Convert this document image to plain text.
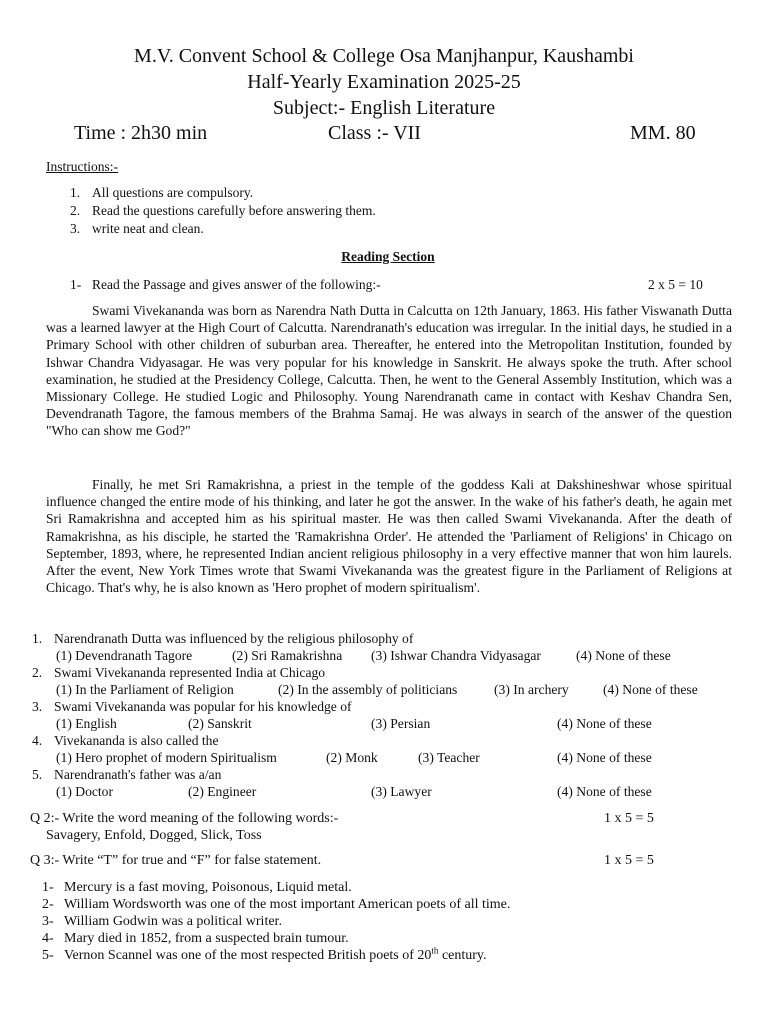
M.V. Convent School & College Osa Manjhanpur, Kaushambi
Half-Yearly Examination 2025-25
Subject:- English Literature
Time : 2h30 min	Class :- VII	MM. 80
Instructions:-
1. All questions are compulsory.
2. Read the questions carefully before answering them.
3. write neat and clean.
Reading Section
1- Read the Passage and gives answer of the following:-	2 x 5 = 10

Swami Vivekananda was born as Narendra Nath Dutta in Calcutta on 12th January, 1863. His father Viswanath Dutta was a learned lawyer at the High Court of Calcutta. Narendranath's education was irregular. In the initial days, he studied in a Primary School with other children of suburban area. Thereafter, he entered into the Metropolitan Institution, founded by Ishwar Chandra Vidyasagar. He was very popular for his knowledge in Sanskrit. He always spoke the truth. After school examination, he studied at the Presidency College, Calcutta. Then, he went to the General Assembly Institution, which was a Missionary College. He studied Logic and Philosophy. Young Narendranath came in contact with Keshav Chandra Sen, Devendranath Tagore, the famous members of the Brahma Samaj. He was always in search of the answer of the question "Who can show me God?"

Finally, he met Sri Ramakrishna, a priest in the temple of the goddess Kali at Dakshineshwar whose spiritual influence changed the entire mode of his thinking, and later he got the answer. In the wake of his father's death, he again met Sri Ramakrishna and accepted him as his spiritual master. He was then called Swami Vivekananda. After the death of Ramakrishna, as his disciple, he started the 'Ramakrishna Order'. He attended the 'Parliament of Religions' in Chicago on September, 1893, where, he represented Indian ancient religious philosophy in a very effective manner that won him laurels. After the event, New York Times wrote that Swami Vivekananda was the greatest figure in the Parliament of Religions at Chicago. That's why, he is also known as 'Hero prophet of modern spiritualism'.

1. Narendranath Dutta was influenced by the religious philosophy of
(1) Devendranath Tagore	(2) Sri Ramakrishna (3) Ishwar Chandra Vidyasagar	(4) None of these
2. Swami Vivekananda represented India at Chicago
(1) In the Parliament of Religion	(2) In the assembly of politicians	(3) In archery	(4) None of these
3. Swami Vivekananda was popular for his knowledge of
(1) English	(2) Sanskrit	(3) Persian	(4) None of these
4. Vivekananda is also called the
(1) Hero prophet of modern Spiritualism	(2) Monk	(3) Teacher	(4) None of these
5. Narendranath's father was a/an
(1) Doctor	(2) Engineer	(3) Lawyer	(4) None of these
Q 2:- Write the word meaning of the following words:-	1 x 5 = 5
Savagery, Enfold, Dogged, Slick, Toss
Q 3:- Write “T” for true and “F” for false statement.	1 x 5 = 5
1- Mercury is a fast moving, Poisonous, Liquid metal.
2- William Wordsworth was one of the most important American poets of all time.
3- William Godwin was a political writer.
4- Mary died in 1852, from a suspected brain tumour.
5- Vernon Scannel was one of the most respected British poets of 20th century.
